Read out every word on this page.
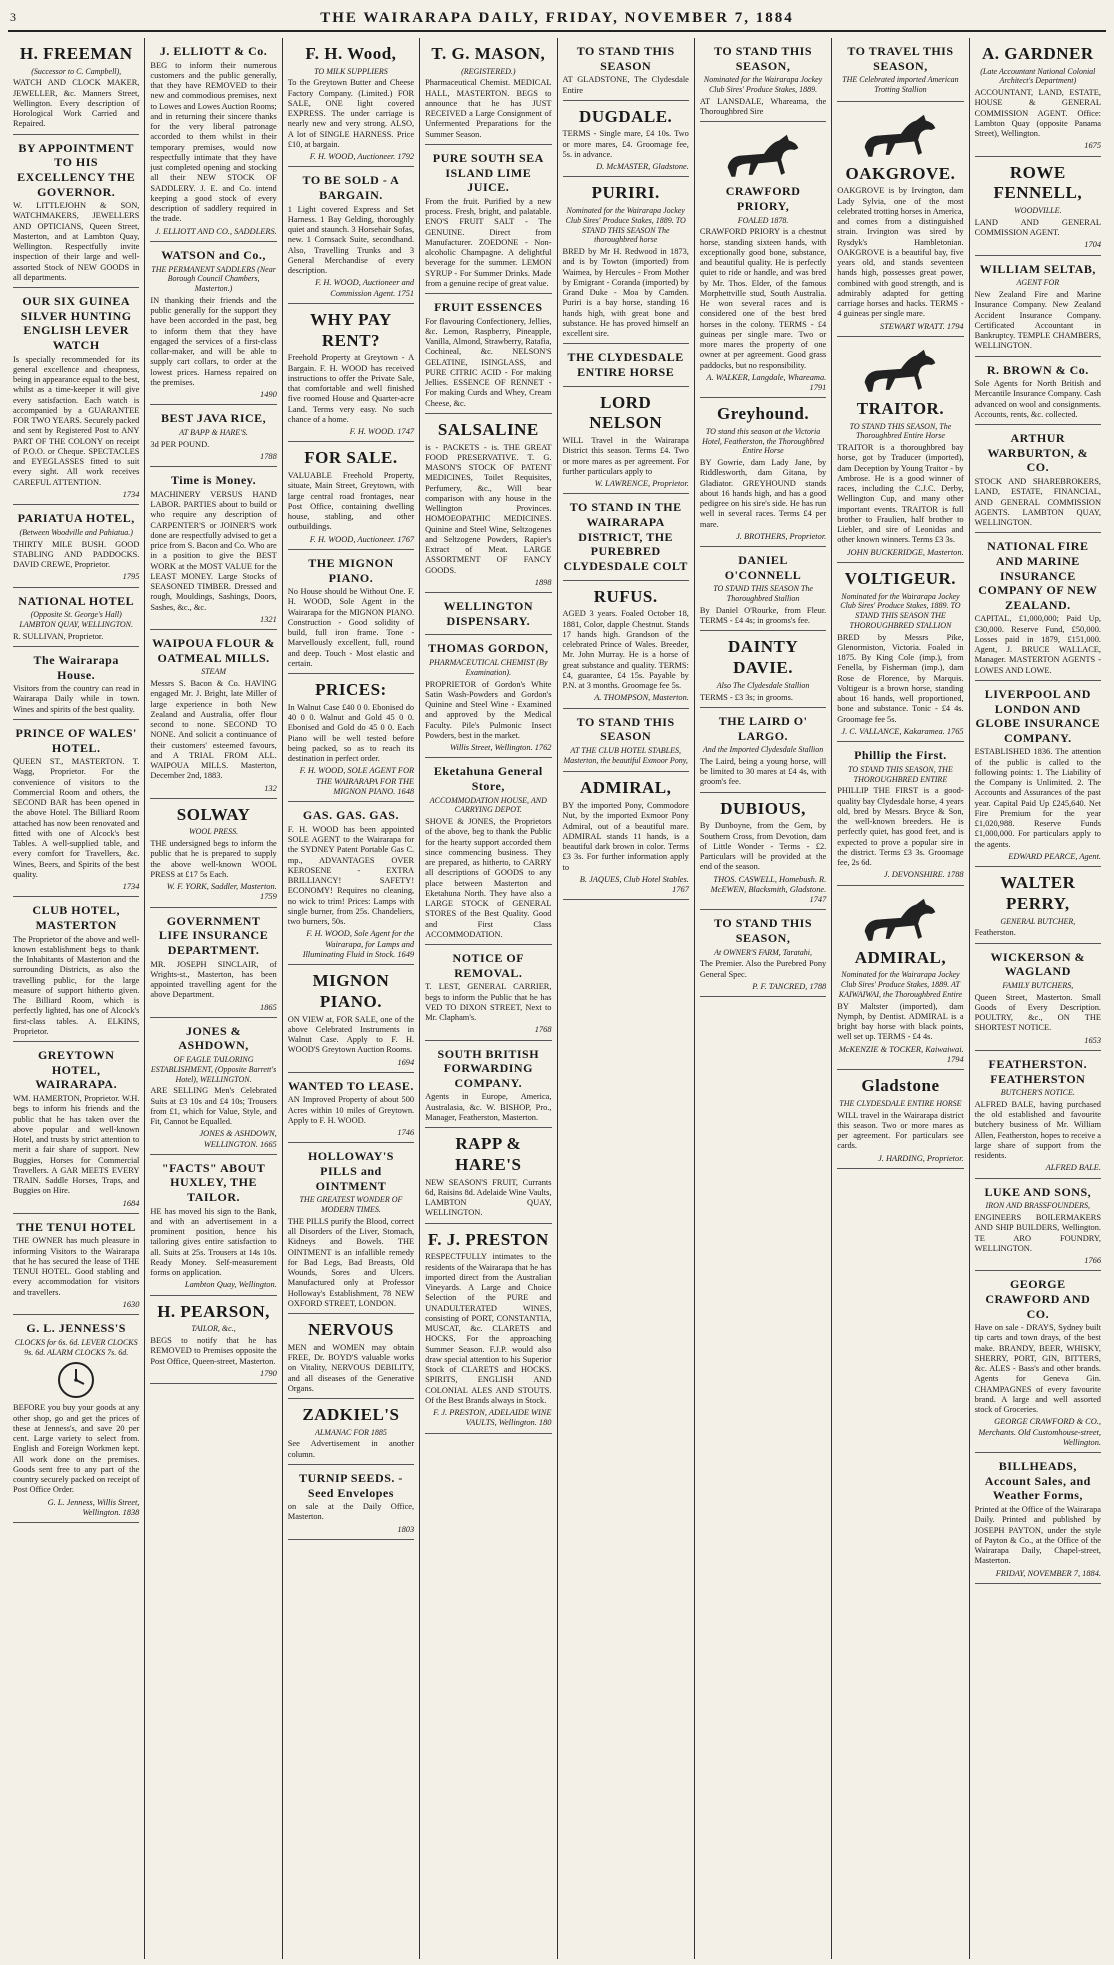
3	THE WAIRARAPA DAILY, FRIDAY, NOVEMBER 7, 1884
H. FREEMAN
(Successor to C. Campbell),
WATCH AND CLOCK MAKER, JEWELLER, &c. Manners Street, Wellington. Every description of Horological Work Carried and Repaired.
BY APPOINTMENT TO HIS EXCELLENCY THE GOVERNOR.
W. LITTLEJOHN & SON, WATCHMAKERS, JEWELLERS AND OPTICIANS, Queen Street, Masterton, and at Lambton Quay, Wellington. Respectfully invite inspection of their large and well-assorted Stock of NEW GOODS in all departments.
OUR SIX GUINEA SILVER HUNTING ENGLISH LEVER WATCH
Is specially recommended for its general excellence and cheapness, being in appearance equal to the best, whilst as a time-keeper it will give every satisfaction. Each watch is accompanied by a GUARANTEE FOR TWO YEARS. Securely packed and sent by Registered Post to ANY PART OF THE COLONY on receipt of P.O.O. or Cheque. SPECTACLES and EYEGLASSES fitted to suit every sight. All work receives CAREFUL ATTENTION.
1734
PARIATUA HOTEL,
(Between Woodville and Pahiatua.)
THIRTY MILE BUSH. GOOD STABLING AND PADDOCKS. DAVID CREWE, Proprietor.
1795
NATIONAL HOTEL
(Opposite St. George's Hall) LAMBTON QUAY, WELLINGTON.
R. SULLIVAN, Proprietor.
The Wairarapa House.
Visitors from the country can read in Wairarapa Daily while in town. Wines and spirits of the best quality.
PRINCE OF WALES' HOTEL.
QUEEN ST., MASTERTON. T. Wagg, Proprietor. For the convenience of visitors to the Commercial Room and others, the SECOND BAR has been opened in the above Hotel. The Billiard Room attached has now been renovated and fitted with one of Alcock's best Tables. A well-supplied table, and every comfort for Travellers, &c. Wines, Beers, and Spirits of the best quality.
1734
CLUB HOTEL, MASTERTON
The Proprietor of the above and well-known establishment begs to thank the Inhabitants of Masterton and the surrounding Districts, as also the travelling public, for the large measure of support hitherto given. The Billiard Room, which is perfectly lighted, has one of Alcock's first-class tables. A. ELKINS, Proprietor.
GREYTOWN HOTEL, WAIRARAPA.
WM. HAMERTON, Proprietor. W.H. begs to inform his friends and the public that he has taken over the above popular and well-known Hotel, and trusts by strict attention to merit a fair share of support. New Buggies, Horses for Commercial Travellers. A GAR MEETS EVERY TRAIN. Saddle Horses, Traps, and Buggies on Hire.
1684
THE TENUI HOTEL
THE OWNER has much pleasure in informing Visitors to the Wairarapa that he has secured the lease of THE TENUI HOTEL. Good stabling and every accommodation for visitors and travellers.
1630
G. L. JENNESS'S
CLOCKS for 6s. 6d. LEVER CLOCKS 9s. 6d. ALARM CLOCKS 7s. 6d.
BEFORE you buy your goods at any other shop, go and get the prices of these at Jenness's, and save 20 per cent. Large variety to select from. English and Foreign Workmen kept. All work done on the premises. Goods sent free to any part of the country securely packed on receipt of Post Office Order.
G. L. Jenness, Willis Street, Wellington. 1838
J. ELLIOTT & Co.
BEG to inform their numerous customers and the public generally, that they have REMOVED to their new and commodious premises, next to Lowes and Lowes Auction Rooms; and in returning their sincere thanks for the very liberal patronage accorded to them whilst in their temporary premises, would now respectfully intimate that they have just completed opening and stocking all their NEW STOCK OF SADDLERY. J. E. and Co. intend keeping a good stock of every description of saddlery required in the trade.
J. ELLIOTT AND CO., SADDLERS.
WATSON and Co.,
THE PERMANENT SADDLERS (Near Borough Council Chambers, Masterton.)
IN thanking their friends and the public generally for the support they have been accorded in the past, beg to inform them that they have engaged the services of a first-class collar-maker, and will be able to supply cart collars, to order at the lowest prices. Harness repaired on the premises.
1490
BEST JAVA RICE,
AT BAPP & HARE'S.
3d PER POUND.
1788
Time is Money.
MACHINERY VERSUS HAND LABOR. PARTIES about to build or who require any description of CARPENTER'S or JOINER'S work done are respectfully advised to get a price from S. Bacon and Co. Who are in a position to give the BEST WORK at the MOST VALUE for the LEAST MONEY. Large Stocks of SEASONED TIMBER. Dressed and rough, Mouldings, Sashings, Doors, Sashes, &c., &c.
1321
WAIPOUA FLOUR & OATMEAL MILLS.
STEAM
Messrs S. Bacon & Co. HAVING engaged Mr. J. Bright, late Miller of large experience in both New Zealand and Australia, offer flour second to none. SECOND TO NONE. And solicit a continuance of their customers' esteemed favours, and A TRIAL FROM ALL. WAIPOUA MILLS. Masterton, December 2nd, 1883.
132
SOLWAY
WOOL PRESS.
THE undersigned begs to inform the public that he is prepared to supply the above well-known WOOL PRESS at £17 5s Each.
W. F. YORK, Saddler, Masterton. 1759
GOVERNMENT LIFE INSURANCE DEPARTMENT.
MR. JOSEPH SINCLAIR, of Wrights-st., Masterton, has been appointed travelling agent for the above Department.
1865
JONES & ASHDOWN,
OF EAGLE TAILORING ESTABLISHMENT, (Opposite Barrett's Hotel), WELLINGTON.
ARE SELLING Men's Celebrated Suits at £3 10s and £4 10s; Trousers from £1, which for Value, Style, and Fit, Cannot be Equalled.
JONES & ASHDOWN, WELLINGTON. 1665
"FACTS" ABOUT HUXLEY, THE TAILOR.
HE has moved his sign to the Bank, and with an advertisement in a prominent position, hence his tailoring gives entire satisfaction to all. Suits at 25s. Trousers at 14s 10s. Ready Money. Self-measurement forms on application.
Lambton Quay, Wellington.
H. PEARSON,
TAILOR, &c.,
BEGS to notify that he has REMOVED to Premises opposite the Post Office, Queen-street, Masterton.
1790
F. H. Wood,
TO MILK SUPPLIERS
To the Greytown Butter and Cheese Factory Company. (Limited.) FOR SALE, ONE light covered EXPRESS. The under carriage is nearly new and very strong. ALSO, A lot of SINGLE HARNESS. Price £10, at bargain.
F. H. WOOD, Auctioneer. 1792
TO BE SOLD - A BARGAIN.
1 Light covered Express and Set Harness. 1 Bay Gelding, thoroughly quiet and staunch. 3 Horsehair Sofas, new. 1 Cornsack Suite, secondhand. Also, Travelling Trunks and 3 General Merchandise of every description.
F. H. WOOD, Auctioneer and Commission Agent. 1751
WHY PAY RENT?
Freehold Property at Greytown - A Bargain. F. H. WOOD has received instructions to offer the Private Sale, that comfortable and well finished five roomed House and Quarter-acre Land. Terms very easy. No such chance of a home.
F. H. WOOD. 1747
FOR SALE.
VALUABLE Freehold Property, situate, Main Street, Greytown, with large central road frontages, near Post Office, containing dwelling house, stabling, and other outbuildings.
F. H. WOOD, Auctioneer. 1767
THE MIGNON PIANO.
No House should be Without One. F. H. WOOD, Sole Agent in the Wairarapa for the MIGNON PIANO. Construction - Good solidity of build, full iron frame. Tone - Marvellously excellent, full, round and deep. Touch - Most elastic and certain.
PRICES:
In Walnut Case £40 0 0. Ebonised do 40 0 0. Walnut and Gold 45 0 0. Ebonised and Gold do 45 0 0. Each Piano will be well tested before being packed, so as to reach its destination in perfect order.
F. H. WOOD, SOLE AGENT FOR THE WAIRARAPA FOR THE MIGNON PIANO. 1648
GAS. GAS. GAS.
F. H. WOOD has been appointed SOLE AGENT to the Wairarapa for the SYDNEY Patent Portable Gas C. mp., ADVANTAGES OVER KEROSENE - EXTRA BRILLIANCY! SAFETY! ECONOMY! Requires no cleaning, no wick to trim! Prices: Lamps with single burner, from 25s. Chandeliers, two burners, 50s.
F. H. WOOD, Sole Agent for the Wairarapa, for Lamps and Illuminating Fluid in Stock. 1649
MIGNON PIANO.
ON VIEW at, FOR SALE, one of the above Celebrated Instruments in Walnut Case. Apply to F. H. WOOD'S Greytown Auction Rooms.
1694
WANTED TO LEASE.
AN Improved Property of about 500 Acres within 10 miles of Greytown. Apply to F. H. WOOD.
1746
HOLLOWAY'S PILLS and OINTMENT
THE GREATEST WONDER OF MODERN TIMES.
THE PILLS purify the Blood, correct all Disorders of the Liver, Stomach, Kidneys and Bowels. THE OINTMENT is an infallible remedy for Bad Legs, Bad Breasts, Old Wounds, Sores and Ulcers. Manufactured only at Professor Holloway's Establishment, 78 NEW OXFORD STREET, LONDON.
NERVOUS
MEN and WOMEN may obtain FREE, Dr. BOYD'S valuable works on Vitality, NERVOUS DEBILITY, and all diseases of the Generative Organs.
ZADKIEL'S
ALMANAC FOR 1885
See Advertisement in another column.
TURNIP SEEDS. - Seed Envelopes
on sale at the Daily Office, Masterton.
1803
T. G. MASON,
(REGISTERED.)
Pharmaceutical Chemist. MEDICAL HALL, MASTERTON. BEGS to announce that he has JUST RECEIVED a Large Consignment of Unfermented Preparations for the Summer Season.
PURE SOUTH SEA ISLAND LIME JUICE.
From the fruit. Purified by a new process. Fresh, bright, and palatable. ENO'S FRUIT SALT - The GENUINE. Direct from Manufacturer. ZOEDONE - Non-alcoholic Champagne. A delightful beverage for the summer. LEMON SYRUP - For Summer Drinks. Made from a genuine recipe of great value.
FRUIT ESSENCES
For flavouring Confectionery, Jellies, &c. Lemon, Raspberry, Pineapple, Vanilla, Almond, Strawberry, Ratafia, Cochineal, &c. NELSON'S GELATINE, ISINGLASS, and PURE CITRIC ACID - For making Jellies. ESSENCE OF RENNET - For making Curds and Whey, Cream Cheese, &c.
SALSALINE
is - PACKETS - is. THE GREAT FOOD PRESERVATIVE. T. G. MASON'S STOCK OF PATENT MEDICINES, Toilet Requisites, Perfumery, &c., Will bear comparison with any house in the Wellington Provinces. HOMOEOPATHIC MEDICINES. Quinine and Steel Wine, Seltzogenes and Seltzogene Powders, Rapier's Extract of Meat. LARGE ASSORTMENT OF FANCY GOODS.
1898
WELLINGTON DISPENSARY.
THOMAS GORDON,
PHARMACEUTICAL CHEMIST (By Examination).
PROPRIETOR of Gordon's White Satin Wash-Powders and Gordon's Quinine and Steel Wine - Examined and approved by the Medical Faculty. Pile's Pulmonic Insect Powders, best in the market.
Willis Street, Wellington. 1762
Eketahuna General Store,
ACCOMMODATION HOUSE, AND CARRYING DEPOT.
SHOVE & JONES, the Proprietors of the above, beg to thank the Public for the hearty support accorded them since commencing business. They are prepared, as hitherto, to CARRY all descriptions of GOODS to any place between Masterton and Eketahuna North. They have also a LARGE STOCK of GENERAL STORES of the Best Quality. Good and First Class ACCOMMODATION.
NOTICE OF REMOVAL.
T. LEST, GENERAL CARRIER, begs to inform the Public that he has VED TO DIXON STREET, Next to Mr. Clapham's.
1768
SOUTH BRITISH FORWARDING COMPANY.
Agents in Europe, America, Australasia, &c. W. BISHOP, Pro., Manager, Featherston, Masterton.
RAPP & HARE'S
NEW SEASON'S FRUIT, Currants 6d, Raisins 8d. Adelaide Wine Vaults, LAMBTON QUAY, WELLINGTON.
F. J. PRESTON
RESPECTFULLY intimates to the residents of the Wairarapa that he has imported direct from the Australian Vineyards. A Large and Choice Selection of the PURE and UNADULTERATED WINES, consisting of PORT, CONSTANTIA, MUSCAT, &c. CLARETS and HOCKS, For the approaching Summer Season. F.J.P. would also draw special attention to his Superior Stock of CLARETS and HOCKS. SPIRITS, ENGLISH AND COLONIAL ALES AND STOUTS. Of the Best Brands always in Stock.
F. J. PRESTON, ADELAIDE WINE VAULTS, Wellington. 180
TO STAND THIS SEASON
AT GLADSTONE, The Clydesdale Entire
DUGDALE.
TERMS - Single mare, £4 10s. Two or more mares, £4. Groomage fee, 5s. in advance.
D. McMASTER, Gladstone.
PURIRI.
Nominated for the Wairarapa Jockey Club Sires' Produce Stakes, 1889. TO STAND THIS SEASON The thoroughbred horse
BRED by Mr H. Redwood in 1873, and is by Towton (imported) from Waimea, by Hercules - From Mother by Emigrant - Coranda (imported) by Grand Duke - Moa by Camden. Puriri is a bay horse, standing 16 hands high, with great bone and substance. He has proved himself an excellent sire.
THE CLYDESDALE ENTIRE HORSE
LORD NELSON
WILL Travel in the Wairarapa District this season. Terms £4. Two or more mares as per agreement. For further particulars apply to
W. LAWRENCE, Proprietor.
TO STAND IN THE WAIRARAPA DISTRICT, THE PUREBRED CLYDESDALE COLT
RUFUS.
AGED 3 years. Foaled October 18, 1881, Color, dapple Chestnut. Stands 17 hands high. Grandson of the celebrated Prince of Wales. Breeder, Mr. John Murray. He is a horse of great substance and quality. TERMS: £4, guarantee, £4 15s. Payable by P.N. at 3 months. Groomage fee 5s.
A. THOMPSON, Masterton.
TO STAND THIS SEASON
AT THE CLUB HOTEL STABLES, Masterton, the beautiful Exmoor Pony,
ADMIRAL,
BY the imported Pony, Commodore Nut, by the imported Exmoor Pony Admiral, out of a beautiful mare. ADMIRAL stands 11 hands, is a beautiful dark brown in color. Terms £3 3s. For further information apply to
B. JAQUES, Club Hotel Stables. 1767
TO STAND THIS SEASON,
Nominated for the Wairarapa Jockey Club Sires' Produce Stakes, 1889.
AT LANSDALE, Whareama, the Thoroughbred Sire
CRAWFORD PRIORY,
FOALED 1878.
CRAWFORD PRIORY is a chestnut horse, standing sixteen hands, with exceptionally good bone, substance, and beautiful quality. He is perfectly quiet to ride or handle, and was bred by Mr. Thos. Elder, of the famous Morphettville stud, South Australia. He won several races and is considered one of the best bred horses in the colony. TERMS - £4 guineas per single mare. Two or more mares the property of one owner at per agreement. Good grass paddocks, but no responsibility.
A. WALKER, Langdale, Whareama. 1791
Greyhound.
TO stand this season at the Victoria Hotel, Featherston, the Thoroughbred Entire Horse
BY Gowrie, dam Lady Jane, by Riddlesworth, dam Gitana, by Gladiator. GREYHOUND stands about 16 hands high, and has a good pedigree on his sire's side. He has run well in several races. Terms £4 per mare.
J. BROTHERS, Proprietor.
DANIEL O'CONNELL
TO STAND THIS SEASON The Thoroughbred Stallion
By Daniel O'Rourke, from Fleur. TERMS - £4 4s; in grooms's fee.
DAINTY DAVIE.
Also The Clydesdale Stallion
TERMS - £3 3s; in grooms.
THE LAIRD O' LARGO.
And the Imported Clydesdale Stallion
The Laird, being a young horse, will be limited to 30 mares at £4 4s, with groom's fee.
DUBIOUS,
By Dunboyne, from the Gem, by Southern Cross, from Devotion, dam of Little Wonder - Terms - £2. Particulars will be provided at the end of the season.
THOS. CASWELL, Homebush. R. McEWEN, Blacksmith, Gladstone. 1747
TO STAND THIS SEASON,
At OWNER'S FARM, Taratahi,
The Premier. Also the Purebred Pony General Spec.
P. F. TANCRED, 1788
TO TRAVEL THIS SEASON,
THE Celebrated imported American Trotting Stallion
OAKGROVE.
OAKGROVE is by Irvington, dam Lady Sylvia, one of the most celebrated trotting horses in America, and comes from a distinguished strain. Irvington was sired by Rysdyk's Hambletonian. OAKGROVE is a beautiful bay, five years old, and stands seventeen hands high, possesses great power, combined with good strength, and is admirably adapted for getting carriage horses and hacks. TERMS - 4 guineas per single mare.
STEWART WRATT. 1794
TRAITOR.
TO STAND THIS SEASON, The Thoroughbred Entire Horse
TRAITOR is a thoroughbred bay horse, got by Traducer (imported), dam Deception by Young Traitor - by Ambrose. He is a good winner of races, including the C.J.C. Derby, Wellington Cup, and many other important events. TRAITOR is full brother to Fraulien, half brother to Liebler, and sire of Leonidas and other known winners. Terms £3 3s.
JOHN BUCKERIDGE, Masterton.
VOLTIGEUR.
Nominated for the Wairarapa Jockey Club Sires' Produce Stakes, 1889. TO STAND THIS SEASON THE THOROUGHBRED STALLION
BRED by Messrs Pike, Glenormiston, Victoria. Foaled in 1875. By King Cole (imp.), from Fenella, by Fisherman (imp.), dam Rose de Florence, by Marquis. Voltigeur is a brown horse, standing about 16 hands, well proportioned, bone and substance. Tonic - £4 4s. Groomage fee 5s.
J. C. VALLANCE, Kakaramea. 1765
Phillip the First.
TO STAND THIS SEASON, THE THOROUGHBRED ENTIRE
PHILLIP THE FIRST is a good-quality bay Clydesdale horse, 4 years old, bred by Messrs. Bryce & Son, the well-known breeders. He is perfectly quiet, has good feet, and is expected to prove a popular sire in the district. Terms £3 3s. Groomage fee, 2s 6d.
J. DEVONSHIRE. 1788
ADMIRAL,
Nominated for the Wairarapa Jockey Club Sires' Produce Stakes, 1889. AT KAIWAIWAI, the Thoroughbred Entire
BY Maltster (imported), dam Nymph, by Dentist. ADMIRAL is a bright bay horse with black points, well set up. TERMS - £4 4s.
McKENZIE & TOCKER, Kaiwaiwai. 1794
Gladstone
THE CLYDESDALE ENTIRE HORSE
WILL travel in the Wairarapa district this season. Two or more mares as per agreement. For particulars see cards.
J. HARDING, Proprietor.
A. GARDNER
(Late Accountant National Colonial Architect's Department)
ACCOUNTANT, LAND, ESTATE, HOUSE & GENERAL COMMISSION AGENT. Office: Lambton Quay (opposite Panama Street), Wellington.
1675
ROWE FENNELL,
WOODVILLE.
LAND AND GENERAL COMMISSION AGENT.
1704
WILLIAM SELTAB,
AGENT FOR
New Zealand Fire and Marine Insurance Company. New Zealand Accident Insurance Company. Certificated Accountant in Bankruptcy. TEMPLE CHAMBERS, WELLINGTON.
R. BROWN & Co.
Sole Agents for North British and Mercantile Insurance Company. Cash advanced on wool and consignments. Accounts, rents, &c. collected.
ARTHUR WARBURTON, & CO.
STOCK AND SHAREBROKERS, LAND, ESTATE, FINANCIAL, AND GENERAL COMMISSION AGENTS. LAMBTON QUAY, WELLINGTON.
NATIONAL FIRE AND MARINE INSURANCE COMPANY OF NEW ZEALAND.
CAPITAL, £1,000,000; Paid Up, £30,000. Reserve Fund, £50,000. Losses paid in 1879, £151,000. Agent, J. BRUCE WALLACE, Manager. MASTERTON AGENTS - LOWES AND LOWE.
LIVERPOOL AND LONDON AND GLOBE INSURANCE COMPANY.
ESTABLISHED 1836. The attention of the public is called to the following points: 1. The Liability of the Company is Unlimited. 2. The Accounts and Assurances of the past year. Capital Paid Up £245,640. Net Fire Premium for the year £1,020,988. Reserve Funds £1,000,000. For particulars apply to the agents.
EDWARD PEARCE, Agent.
WALTER PERRY,
GENERAL BUTCHER,
Featherston.
WICKERSON & WAGLAND
FAMILY BUTCHERS,
Queen Street, Masterton. Small Goods of Every Description. POULTRY, &c., ON THE SHORTEST NOTICE.
1653
FEATHERSTON. FEATHERSTON
BUTCHER'S NOTICE.
ALFRED BALE, having purchased the old established and favourite butchery business of Mr. William Allen, Featherston, hopes to receive a large share of support from the residents.
ALFRED BALE.
LUKE AND SONS,
IRON AND BRASSFOUNDERS,
ENGINEERS BOILERMAKERS AND SHIP BUILDERS, Wellington. TE ARO FOUNDRY, WELLINGTON.
1766
GEORGE CRAWFORD AND CO.
Have on sale - DRAYS, Sydney built tip carts and town drays, of the best make. BRANDY, BEER, WHISKY, SHERRY, PORT, GIN, BITTERS, &c. ALES - Bass's and other brands. Agents for Geneva Gin. CHAMPAGNES of every favourite brand. A large and well assorted stock of Groceries.
GEORGE CRAWFORD & CO., Merchants. Old Customhouse-street, Wellington.
BILLHEADS, Account Sales, and Weather Forms,
Printed at the Office of the Wairarapa Daily. Printed and published by JOSEPH PAYTON, under the style of Payton & Co., at the Office of the Wairarapa Daily, Chapel-street, Masterton.
FRIDAY, NOVEMBER 7, 1884.
